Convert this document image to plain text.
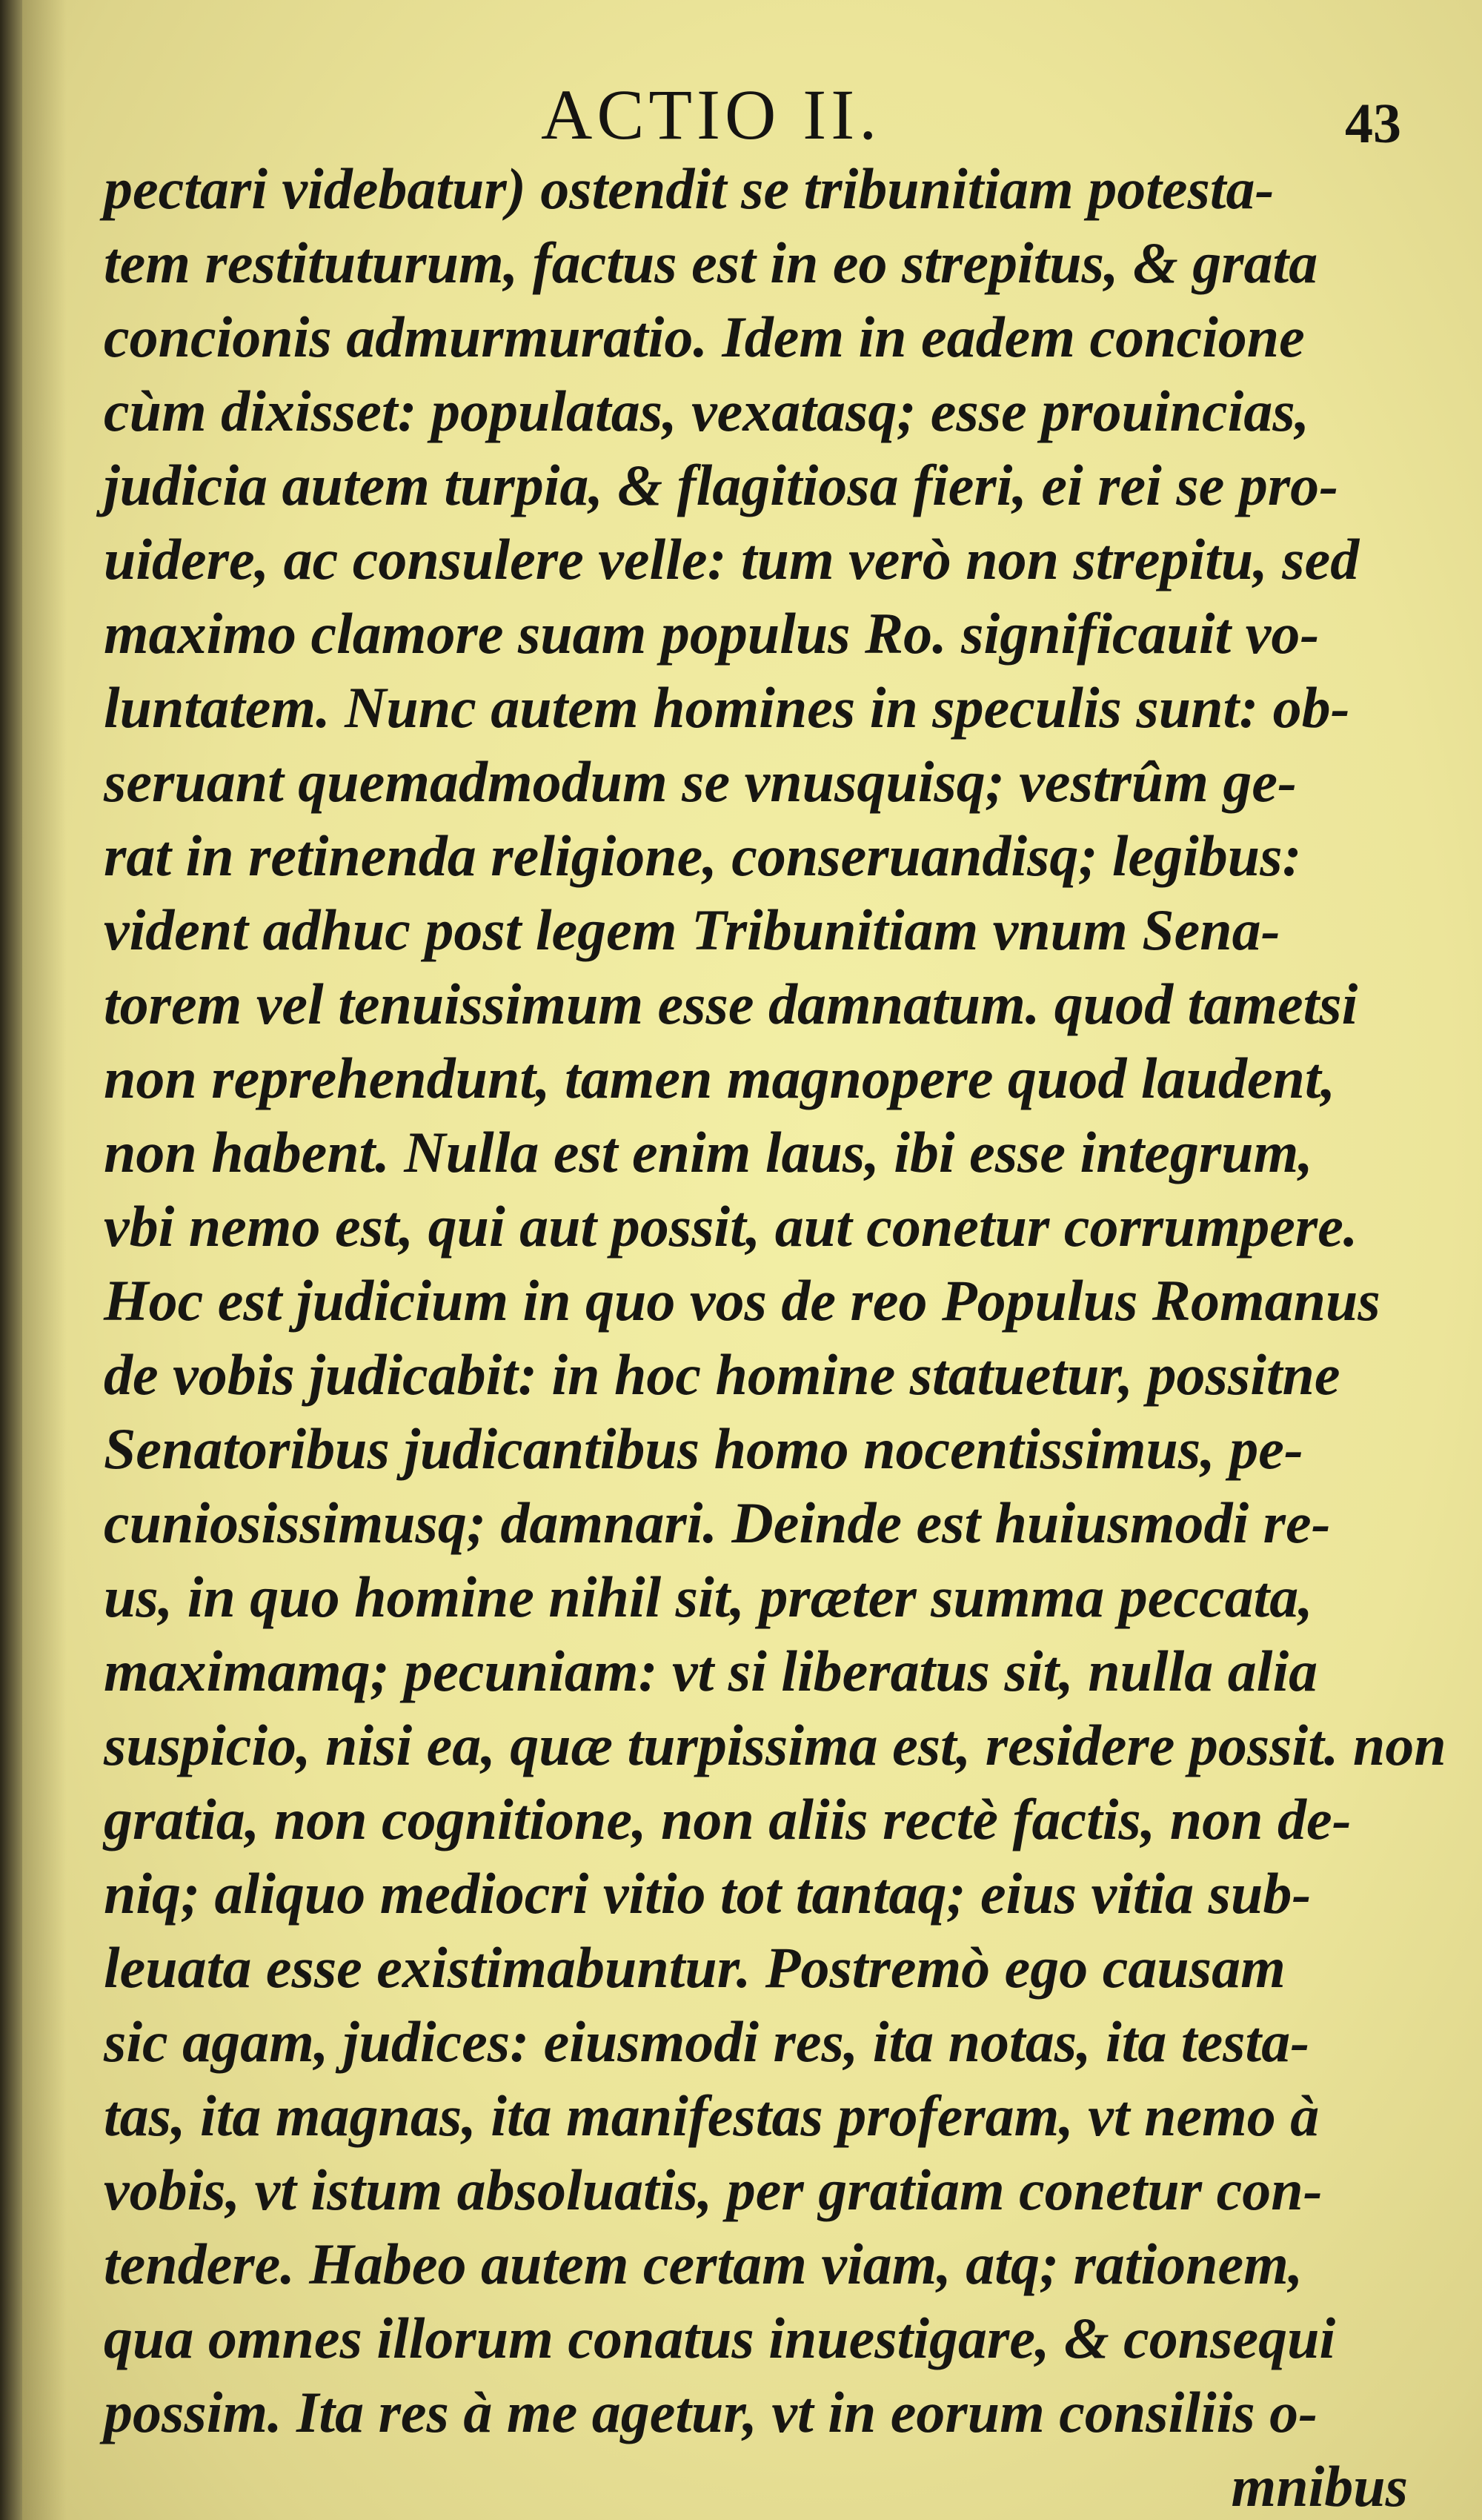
ACTIO II.	43
pectari videbatur) ostendit se tribunitiam potesta-
tem restituturum, factus est in eo strepitus, & grata
concionis admurmuratio. Idem in eadem concione
cùm dixisset: populatas, vexatasq; esse prouincias,
judicia autem turpia, & flagitiosa fieri, ei rei se pro-
uidere, ac consulere velle: tum verò non strepitu, sed
maximo clamore suam populus Ro. significauit vo-
luntatem. Nunc autem homines in speculis sunt: ob-
seruant quemadmodum se vnusquisq; vestrûm ge-
rat in retinenda religione, conseruandisq; legibus:
vident adhuc post legem Tribunitiam vnum Sena-
torem vel tenuissimum esse damnatum. quod tametsi
non reprehendunt, tamen magnopere quod laudent,
non habent. Nulla est enim laus, ibi esse integrum,
vbi nemo est, qui aut possit, aut conetur corrumpere.
Hoc est judicium in quo vos de reo Populus Romanus
de vobis judicabit: in hoc homine statuetur, possitne
Senatoribus judicantibus homo nocentissimus, pe-
cuniosissimusq; damnari. Deinde est huiusmodi re-
us, in quo homine nihil sit, præter summa peccata,
maximamq; pecuniam: vt si liberatus sit, nulla alia
suspicio, nisi ea, quæ turpissima est, residere possit. non
gratia, non cognitione, non aliis rectè factis, non de-
niq; aliquo mediocri vitio tot tantaq; eius vitia sub-
leuata esse existimabuntur. Postremò ego causam
sic agam, judices: eiusmodi res, ita notas, ita testa-
tas, ita magnas, ita manifestas proferam, vt nemo à
vobis, vt istum absoluatis, per gratiam conetur con-
tendere. Habeo autem certam viam, atq; rationem,
qua omnes illorum conatus inuestigare, & consequi
possim. Ita res à me agetur, vt in eorum consiliis o-
mnibus
